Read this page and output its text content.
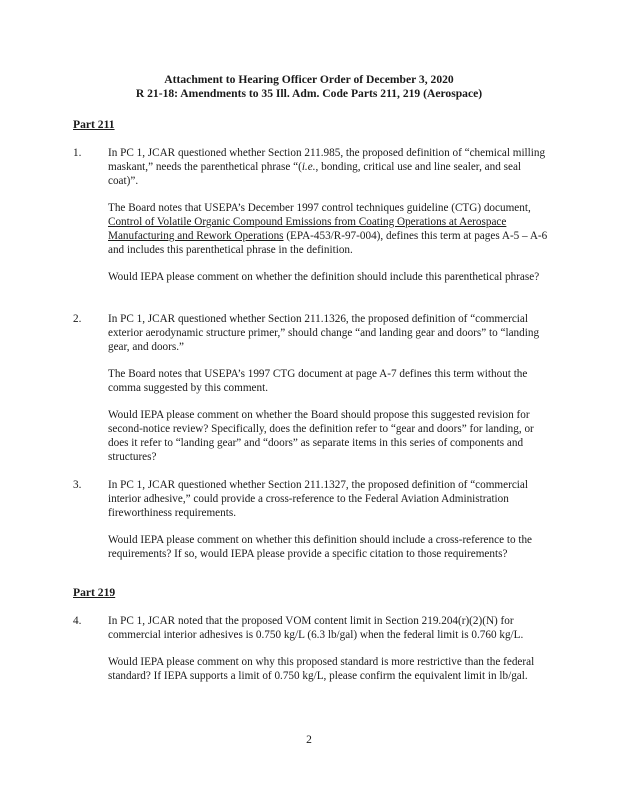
Attachment to Hearing Officer Order of December 3, 2020
R 21-18: Amendments to 35 Ill. Adm. Code Parts 211, 219 (Aerospace)
Part 211
1. In PC 1, JCAR questioned whether Section 211.985, the proposed definition of “chemical milling maskant,” needs the parenthetical phrase “(i.e., bonding, critical use and line sealer, and seal coat)”.

The Board notes that USEPA’s December 1997 control techniques guideline (CTG) document, Control of Volatile Organic Compound Emissions from Coating Operations at Aerospace Manufacturing and Rework Operations (EPA-453/R-97-004), defines this term at pages A-5 – A-6 and includes this parenthetical phrase in the definition.

Would IEPA please comment on whether the definition should include this parenthetical phrase?

2. In PC 1, JCAR questioned whether Section 211.1326, the proposed definition of “commercial exterior aerodynamic structure primer,” should change “and landing gear and doors” to “landing gear, and doors.”

The Board notes that USEPA’s 1997 CTG document at page A-7 defines this term without the comma suggested by this comment.

Would IEPA please comment on whether the Board should propose this suggested revision for second-notice review? Specifically, does the definition refer to “gear and doors” for landing, or does it refer to “landing gear” and “doors” as separate items in this series of components and structures?

3. In PC 1, JCAR questioned whether Section 211.1327, the proposed definition of “commercial interior adhesive,” could provide a cross-reference to the Federal Aviation Administration fireworthiness requirements.

Would IEPA please comment on whether this definition should include a cross-reference to the requirements? If so, would IEPA please provide a specific citation to those requirements?

Part 219
4. In PC 1, JCAR noted that the proposed VOM content limit in Section 219.204(r)(2)(N) for commercial interior adhesives is 0.750 kg/L (6.3 lb/gal) when the federal limit is 0.760 kg/L.

Would IEPA please comment on why this proposed standard is more restrictive than the federal standard? If IEPA supports a limit of 0.750 kg/L, please confirm the equivalent limit in lb/gal.

2
